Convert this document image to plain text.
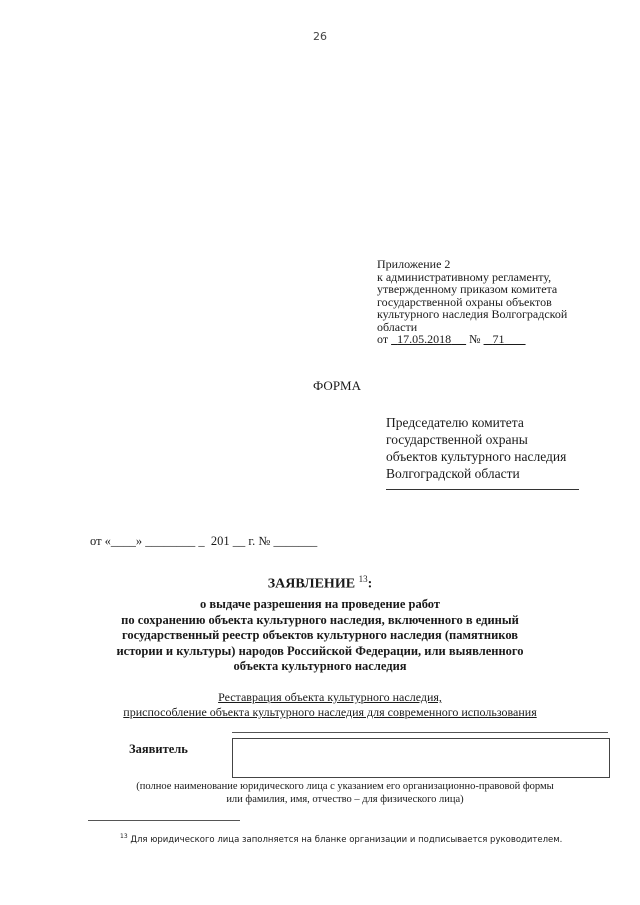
26
Приложение 2
к административному регламенту,
утвержденному приказом комитета
государственной охраны объектов
культурного наследия Волгоградской
области
от 17.05.2018 № 71
ФОРМА
Председателю комитета
государственной охраны
объектов культурного наследия
Волгоградской области
от «____» ________ _  201 __ г. № _______
ЗАЯВЛЕНИЕ $^{13}$:
о выдаче разрешения на проведение работ
по сохранению объекта культурного наследия, включенного в единый
государственный реестр объектов культурного наследия (памятников
истории и культуры) народов Российской Федерации, или выявленного
объекта культурного наследия
Реставрация объекта культурного наследия,
приспособление объекта культурного наследия для современного использования
Заявитель
(полное наименование юридического лица с указанием его организационно-правовой формы
или фамилия, имя, отчество – для физического лица)
$^{13}$ Для юридического лица заполняется на бланке организации и подписывается руководителем.
